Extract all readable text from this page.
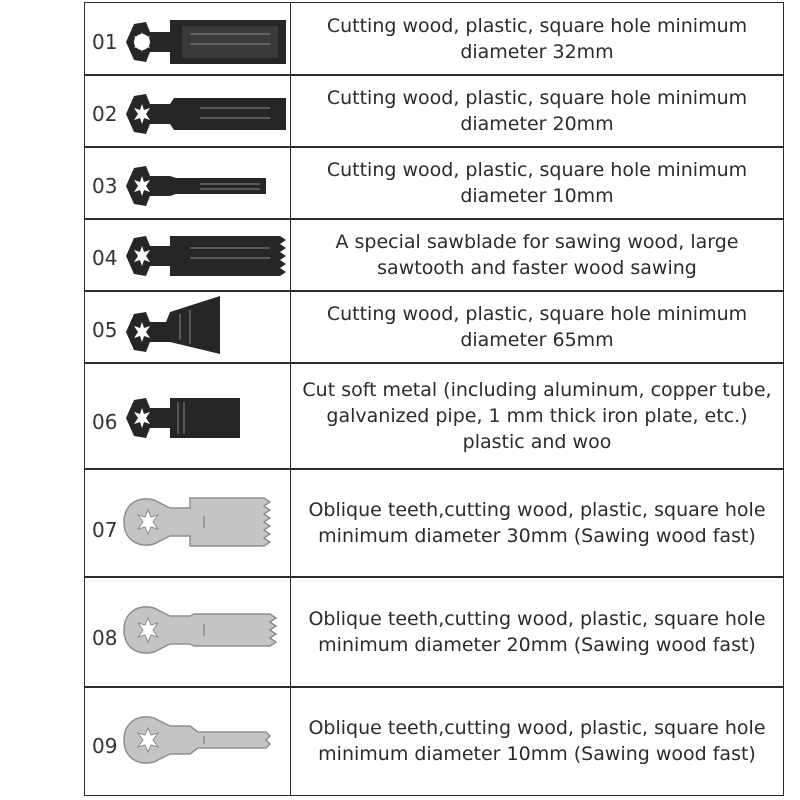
Cutting wood, plastic, square hole minimum diameter 32mm
Cutting wood, plastic, square hole minimum diameter 20mm
Cutting wood, plastic, square hole minimum diameter 10mm
A special sawblade for sawing wood, large sawtooth and faster wood sawing
Cutting wood, plastic, square hole minimum diameter 65mm
Cut soft metal (including aluminum, copper tube, galvanized pipe, 1 mm thick iron plate, etc.) plastic and woo
Oblique teeth,cutting wood, plastic, square hole minimum diameter 30mm (Sawing wood fast)
Oblique teeth,cutting wood, plastic, square hole minimum diameter 20mm (Sawing wood fast)
Oblique teeth,cutting wood, plastic, square hole minimum diameter 10mm (Sawing wood fast)
01
02
03
04
05
06
07
08
09
